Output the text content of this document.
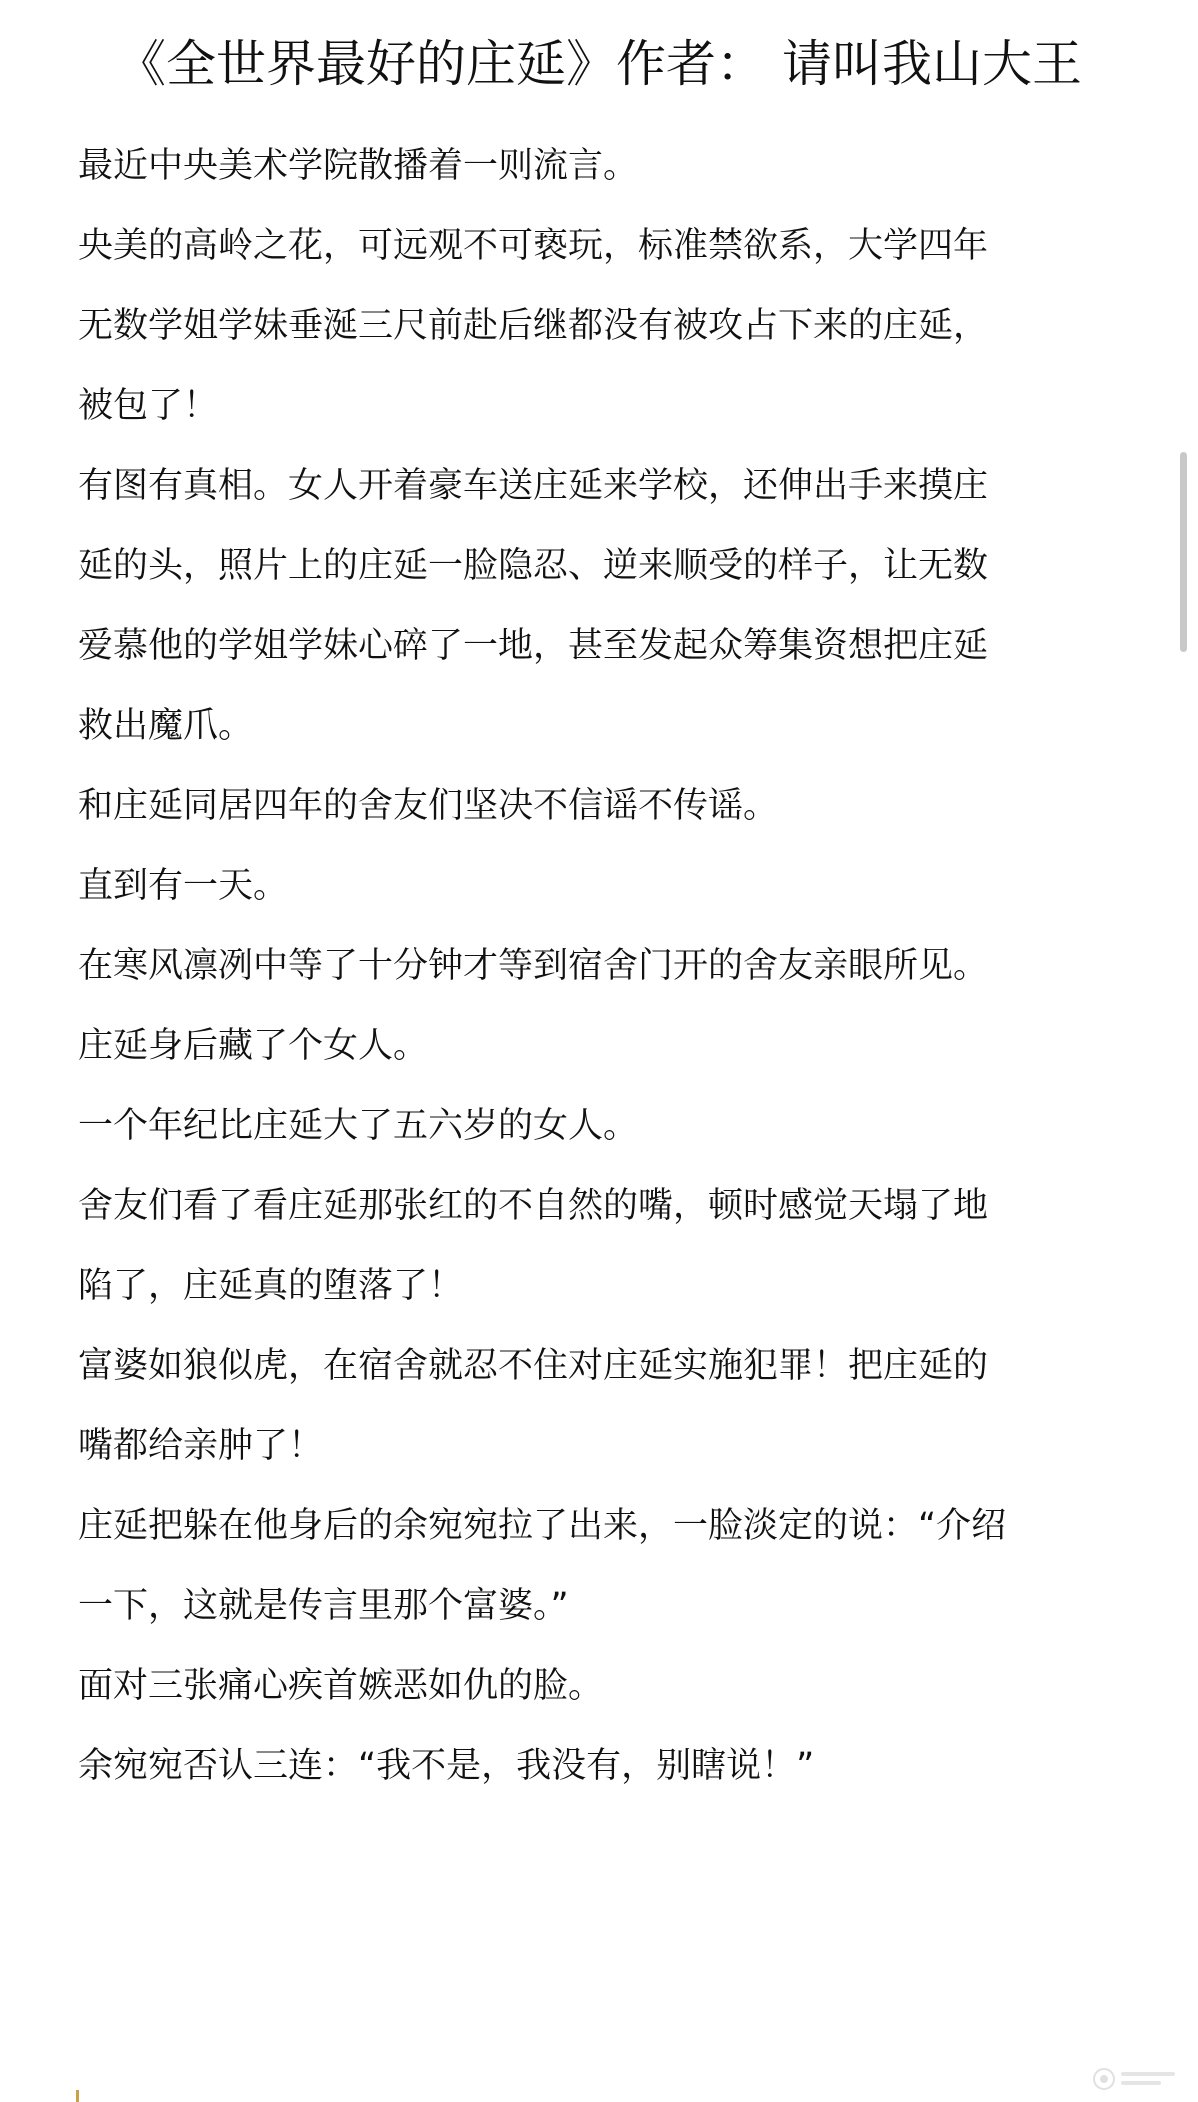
《全世界最好的庄延》作者： 请叫我山大王

最近中央美术学院散播着一则流言。

央美的高岭之花，可远观不可亵玩，标准禁欲系，大学四年

无数学姐学妹垂涎三尺前赴后继都没有被攻占下来的庄延，

被包了！

有图有真相。女人开着豪车送庄延来学校，还伸出手来摸庄

延的头，照片上的庄延一脸隐忍、逆来顺受的样子，让无数

爱慕他的学姐学妹心碎了一地，甚至发起众筹集资想把庄延

救出魔爪。

和庄延同居四年的舍友们坚决不信谣不传谣。

直到有一天。

在寒风凛冽中等了十分钟才等到宿舍门开的舍友亲眼所见。

庄延身后藏了个女人。

一个年纪比庄延大了五六岁的女人。

舍友们看了看庄延那张红的不自然的嘴，顿时感觉天塌了地

陷了，庄延真的堕落了！

富婆如狼似虎，在宿舍就忍不住对庄延实施犯罪！把庄延的

嘴都给亲肿了！

庄延把躲在他身后的余宛宛拉了出来，一脸淡定的说：“介绍

一下，这就是传言里那个富婆。”

面对三张痛心疾首嫉恶如仇的脸。

余宛宛否认三连：“我不是，我没有，别瞎说！”
